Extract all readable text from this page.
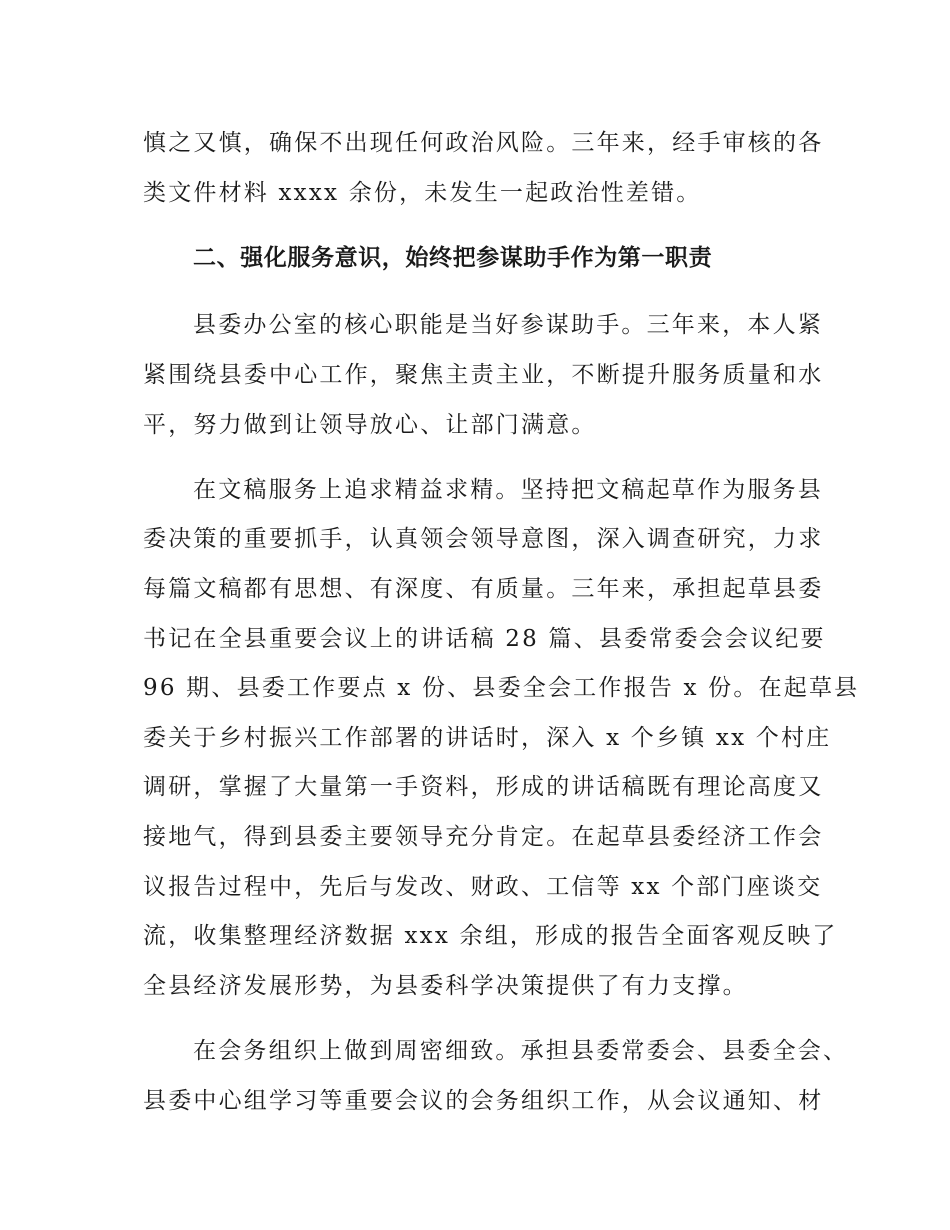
慎之又慎，确保不出现任何政治风险。三年来，经手审核的各
类文件材料 xxxx 余份，未发生一起政治性差错。
二、强化服务意识，始终把参谋助手作为第一职责
县委办公室的核心职能是当好参谋助手。三年来，本人紧
紧围绕县委中心工作，聚焦主责主业，不断提升服务质量和水
平，努力做到让领导放心、让部门满意。
在文稿服务上追求精益求精。坚持把文稿起草作为服务县
委决策的重要抓手，认真领会领导意图，深入调查研究，力求
每篇文稿都有思想、有深度、有质量。三年来，承担起草县委
书记在全县重要会议上的讲话稿 28 篇、县委常委会会议纪要
96 期、县委工作要点 x 份、县委全会工作报告 x 份。在起草县
委关于乡村振兴工作部署的讲话时，深入 x 个乡镇 xx 个村庄
调研，掌握了大量第一手资料，形成的讲话稿既有理论高度又
接地气，得到县委主要领导充分肯定。在起草县委经济工作会
议报告过程中，先后与发改、财政、工信等 xx 个部门座谈交
流，收集整理经济数据 xxx 余组，形成的报告全面客观反映了
全县经济发展形势，为县委科学决策提供了有力支撑。
在会务组织上做到周密细致。承担县委常委会、县委全会、
县委中心组学习等重要会议的会务组织工作，从会议通知、材
